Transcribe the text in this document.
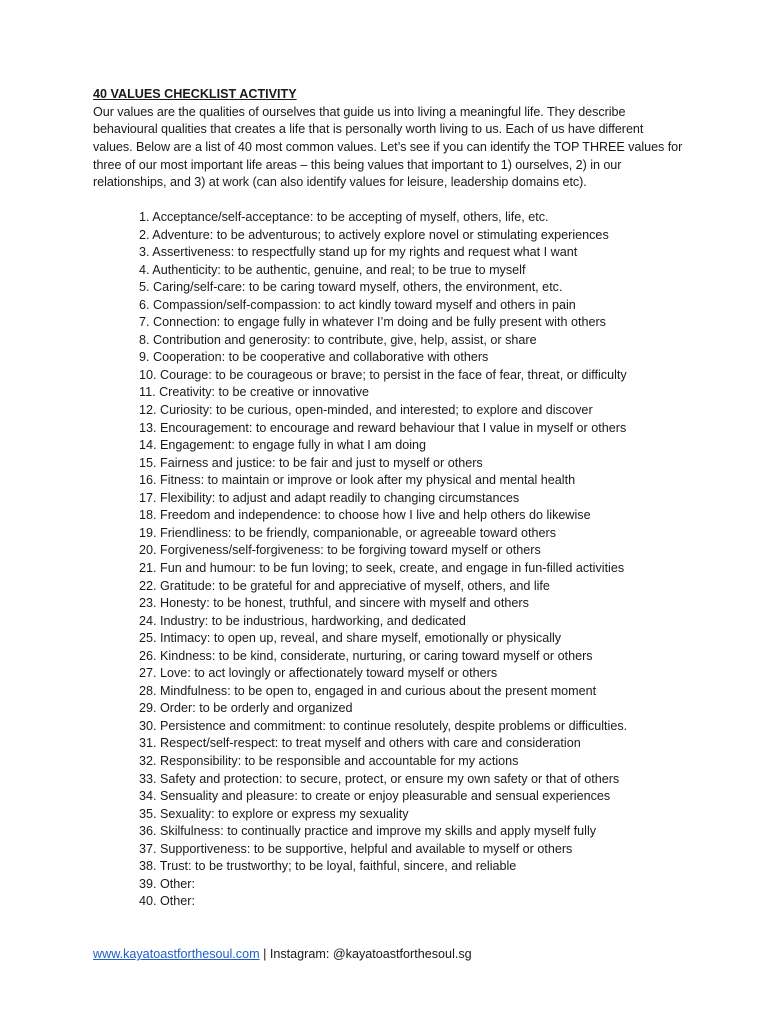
40 VALUES CHECKLIST ACTIVITY

Our values are the qualities of ourselves that guide us into living a meaningful life. They describe behavioural qualities that creates a life that is personally worth living to us. Each of us have different values. Below are a list of 40 most common values. Let’s see if you can identify the TOP THREE values for three of our most important life areas – this being values that important to 1) ourselves, 2) in our relationships, and 3) at work (can also identify values for leisure, leadership domains etc).

1. Acceptance/self-acceptance: to be accepting of myself, others, life, etc.
2. Adventure: to be adventurous; to actively explore novel or stimulating experiences
3. Assertiveness: to respectfully stand up for my rights and request what I want
4. Authenticity: to be authentic, genuine, and real; to be true to myself
5. Caring/self-care: to be caring toward myself, others, the environment, etc.
6. Compassion/self-compassion: to act kindly toward myself and others in pain
7. Connection: to engage fully in whatever I’m doing and be fully present with others
8. Contribution and generosity: to contribute, give, help, assist, or share
9. Cooperation: to be cooperative and collaborative with others
10. Courage: to be courageous or brave; to persist in the face of fear, threat, or difficulty
11. Creativity: to be creative or innovative
12. Curiosity: to be curious, open-minded, and interested; to explore and discover
13. Encouragement: to encourage and reward behaviour that I value in myself or others
14. Engagement: to engage fully in what I am doing
15. Fairness and justice: to be fair and just to myself or others
16. Fitness: to maintain or improve or look after my physical and mental health
17. Flexibility: to adjust and adapt readily to changing circumstances
18. Freedom and independence: to choose how I live and help others do likewise
19. Friendliness: to be friendly, companionable, or agreeable toward others
20. Forgiveness/self-forgiveness: to be forgiving toward myself or others
21. Fun and humour: to be fun loving; to seek, create, and engage in fun-filled activities
22. Gratitude: to be grateful for and appreciative of myself, others, and life
23. Honesty: to be honest, truthful, and sincere with myself and others
24. Industry: to be industrious, hardworking, and dedicated
25. Intimacy: to open up, reveal, and share myself, emotionally or physically
26. Kindness: to be kind, considerate, nurturing, or caring toward myself or others
27. Love: to act lovingly or affectionately toward myself or others
28. Mindfulness: to be open to, engaged in and curious about the present moment
29. Order: to be orderly and organized
30. Persistence and commitment: to continue resolutely, despite problems or difficulties.
31. Respect/self-respect: to treat myself and others with care and consideration
32. Responsibility: to be responsible and accountable for my actions
33. Safety and protection: to secure, protect, or ensure my own safety or that of others
34. Sensuality and pleasure: to create or enjoy pleasurable and sensual experiences
35. Sexuality: to explore or express my sexuality
36. Skilfulness: to continually practice and improve my skills and apply myself fully
37. Supportiveness: to be supportive, helpful and available to myself or others
38. Trust: to be trustworthy; to be loyal, faithful, sincere, and reliable
39. Other:
40. Other:
www.kayatoastforthesoul.com | Instagram: @kayatoastforthesoul.sg
